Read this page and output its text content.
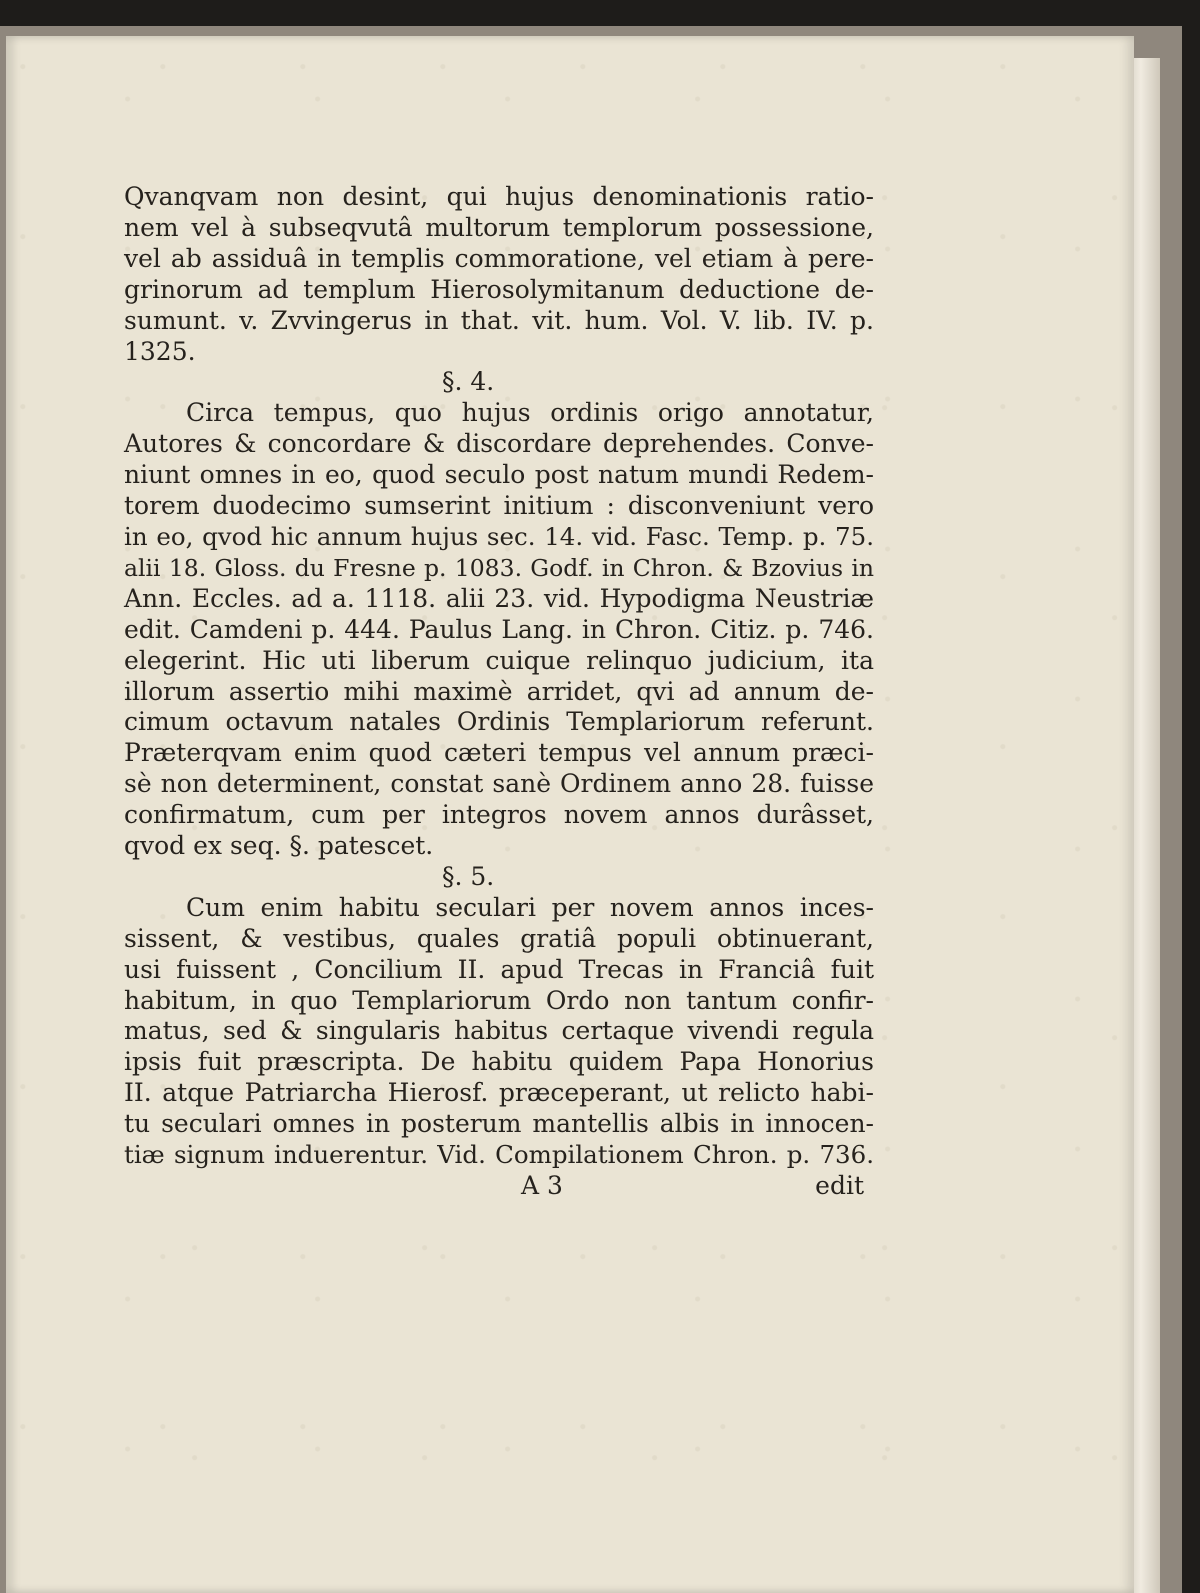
Qvanqvam non desint, qui hujus denominationis ratio-
nem vel à subseqvutâ multorum templorum possessione,
vel ab assiduâ in templis commoratione, vel etiam à pere-
grinorum ad templum Hierosolymitanum deductione de-
sumunt. v. Zvvingerus in that. vit. hum. Vol. V. lib. IV. p.
1325.
§. 4.
Circa tempus, quo hujus ordinis origo annotatur,
Autores & concordare & discordare deprehendes. Conve-
niunt omnes in eo, quod seculo post natum mundi Redem-
torem duodecimo sumserint initium : disconveniunt vero
in eo, qvod hic annum hujus sec. 14. vid. Fasc. Temp. p. 75.
alii 18. Gloss. du Fresne p. 1083. Godf. in Chron. & Bzovius in
Ann. Eccles. ad a. 1118. alii 23. vid. Hypodigma Neustriæ
edit. Camdeni p. 444. Paulus Lang. in Chron. Citiz. p. 746.
elegerint. Hic uti liberum cuique relinquo judicium, ita
illorum assertio mihi maximè arridet, qvi ad annum de-
cimum octavum natales Ordinis Templariorum referunt.
Præterqvam enim quod cæteri tempus vel annum præci-
sè non determinent, constat sanè Ordinem anno 28. fuisse
confirmatum, cum per integros novem annos durâsset,
qvod ex seq. §. patescet.
§. 5.
Cum enim habitu seculari per novem annos inces-
sissent, & vestibus, quales gratiâ populi obtinuerant,
usi fuissent , Concilium II. apud Trecas in Franciâ fuit
habitum, in quo Templariorum Ordo non tantum confir-
matus, sed & singularis habitus certaque vivendi regula
ipsis fuit præscripta. De habitu quidem Papa Honorius
II. atque Patriarcha Hierosf. præceperant, ut relicto habi-
tu seculari omnes in posterum mantellis albis in innocen-
tiæ signum induerentur. Vid. Compilationem Chron. p. 736.
A 3	edit
